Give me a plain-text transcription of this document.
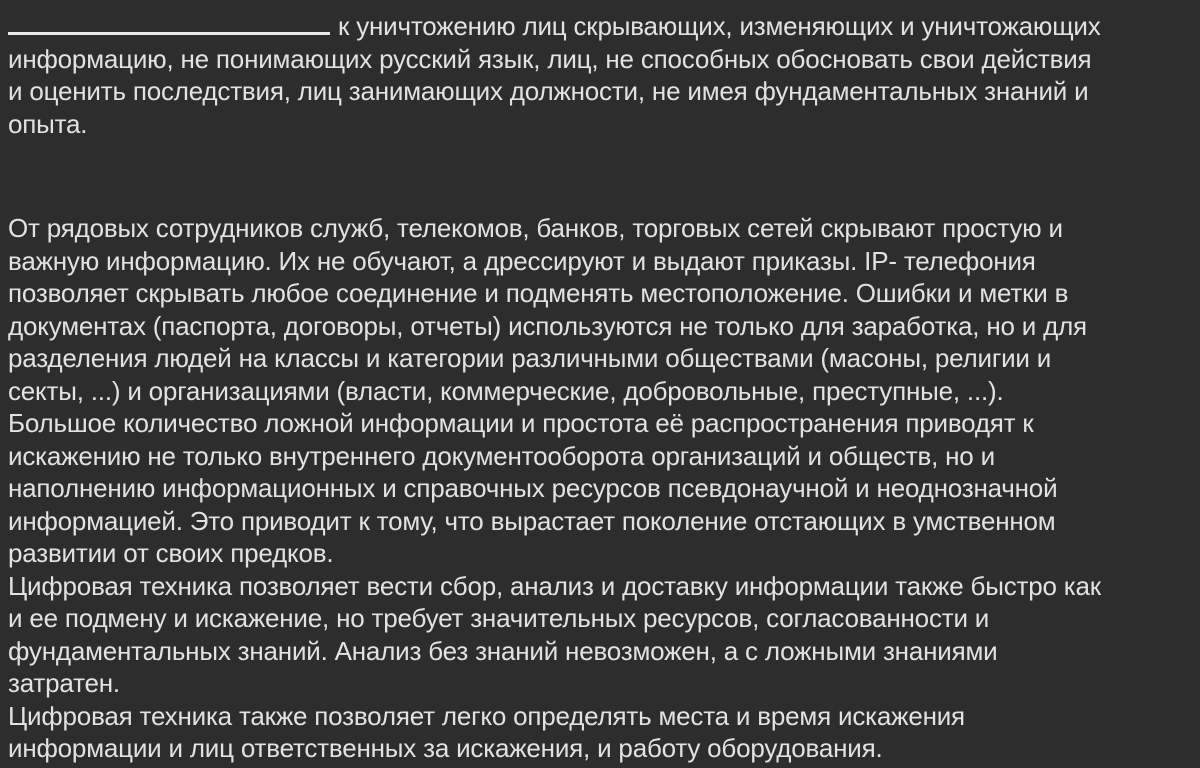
к уничтожению лиц скрывающих, изменяющих и уничтожающих
информацию, не понимающих русский язык, лиц, не способных обосновать свои действия
и оценить последствия, лиц занимающих должности, не имея фундаментальных знаний и
опыта.

От рядовых сотрудников служб, телекомов, банков, торговых сетей скрывают простую и
важную информацию. Их не обучают, а дрессируют и выдают приказы. IP- телефония
позволяет скрывать любое соединение и подменять местоположение. Ошибки и метки в
документах (паспорта, договоры, отчеты) используются не только для заработка, но и для
разделения людей на классы и категории различными обществами (масоны, религии и
секты, ...) и организациями (власти, коммерческие, добровольные, преступные, ...).
Большое количество ложной информации и простота её распространения приводят к
искажению не только внутреннего документооборота организаций и обществ, но и
наполнению информационных и справочных ресурсов псевдонаучной и неоднозначной
информацией. Это приводит к тому, что вырастает поколение отстающих в умственном
развитии от своих предков.
Цифровая техника позволяет вести сбор, анализ и доставку информации также быстро как
и ее подмену и искажение, но требует значительных ресурсов, согласованности и
фундаментальных знаний. Анализ без знаний невозможен, а с ложными знаниями
затратен.
Цифровая техника также позволяет легко определять места и время искажения
информации и лиц ответственных за искажения, и работу оборудования.
